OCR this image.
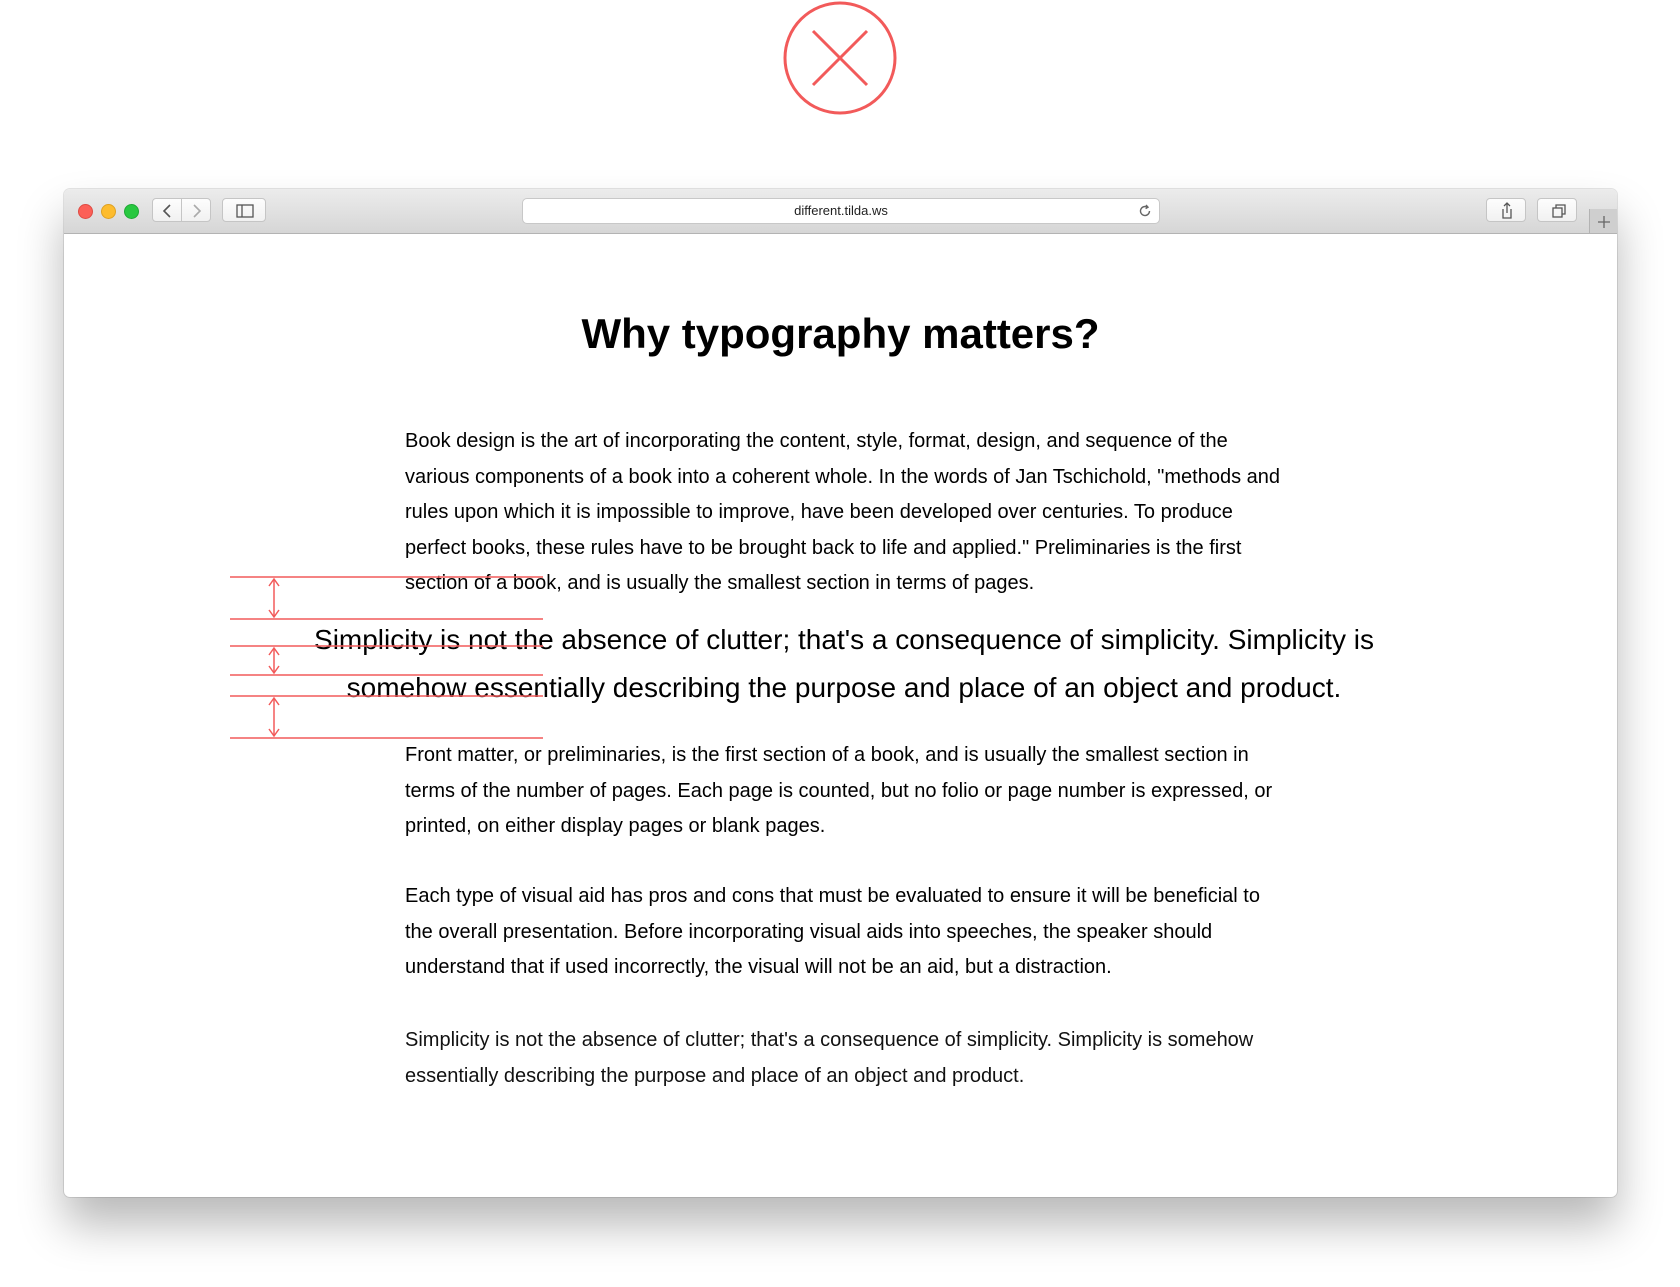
different.tilda.ws
Why typography matters?

Book design is the art of incorporating the content, style, format, design, and sequence of the various components of a book into a coherent whole. In the words of Jan Tschichold, "methods and rules upon which it is impossible to improve, have been developed over centuries. To produce perfect books, these rules have to be brought back to life and applied." Preliminaries is the first section of a book, and is usually the smallest section in terms of pages.

Simplicity is not the absence of clutter; that's a consequence of simplicity. Simplicity is somehow essentially describing the purpose and place of an object and product.

Front matter, or preliminaries, is the first section of a book, and is usually the smallest section in terms of the number of pages. Each page is counted, but no folio or page number is expressed, or printed, on either display pages or blank pages.

Each type of visual aid has pros and cons that must be evaluated to ensure it will be beneficial to the overall presentation. Before incorporating visual aids into speeches, the speaker should understand that if used incorrectly, the visual will not be an aid, but a distraction.

Simplicity is not the absence of clutter; that's a consequence of simplicity. Simplicity is somehow essentially describing the purpose and place of an object and product.
